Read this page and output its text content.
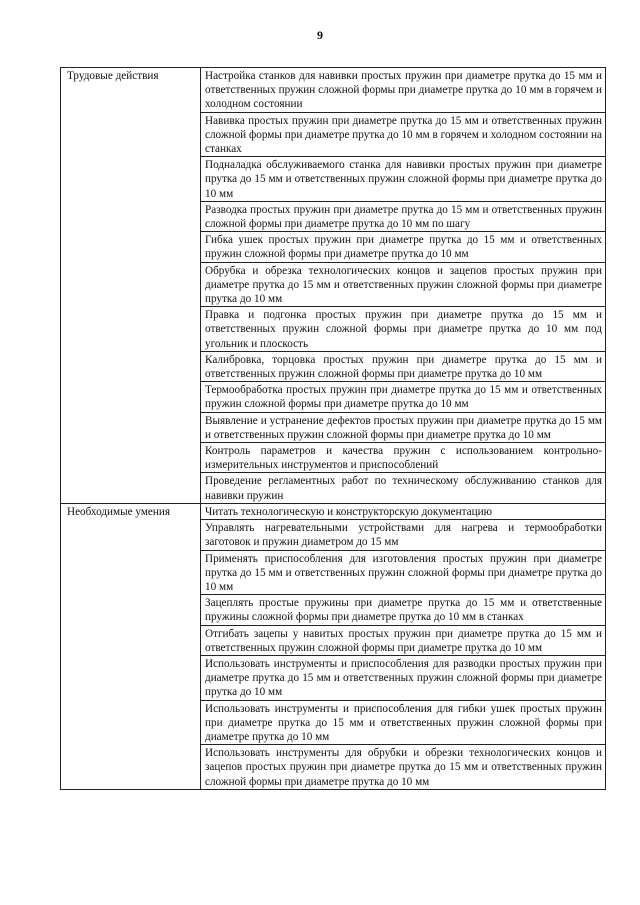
9
Трудовые действия	Настройка станков для навивки простых пружин при диаметре прутка до 15 мм и ответственных пружин сложной формы при диаметре прутка до 10 мм в горячем и холодном состоянии

	Навивка простых пружин при диаметре прутка до 15 мм и ответственных пружин сложной формы при диаметре прутка до 10 мм в горячем и холодном состоянии на станках

	Подналадка обслуживаемого станка для навивки простых пружин при диаметре прутка до 15 мм и ответственных пружин сложной формы при диаметре прутка до 10 мм

	Разводка простых пружин при диаметре прутка до 15 мм и ответственных пружин сложной формы при диаметре прутка до 10 мм по шагу

	Гибка ушек простых пружин при диаметре прутка до 15 мм и ответственных пружин сложной формы при диаметре прутка до 10 мм

	Обрубка и обрезка технологических концов и зацепов простых пружин при диаметре прутка до 15 мм и ответственных пружин сложной формы при диаметре прутка до 10 мм

	Правка и подгонка простых пружин при диаметре прутка до 15 мм и ответственных пружин сложной формы при диаметре прутка до 10 мм под угольник и плоскость

	Калибровка, торцовка простых пружин при диаметре прутка до 15 мм и ответственных пружин сложной формы при диаметре прутка до 10 мм

	Термообработка простых пружин при диаметре прутка до 15 мм и ответственных пружин сложной формы при диаметре прутка до 10 мм

	Выявление и устранение дефектов простых пружин при диаметре прутка до 15 мм и ответственных пружин сложной формы при диаметре прутка до 10 мм

	Контроль параметров и качества пружин с использованием контрольно-измерительных инструментов и приспособлений

	Проведение регламентных работ по техническому обслуживанию станков для навивки пружин

Необходимые умения	Читать технологическую и конструкторскую документацию

	Управлять нагревательными устройствами для нагрева и термообработки заготовок и пружин диаметром до 15 мм

	Применять приспособления для изготовления простых пружин при диаметре прутка до 15 мм и ответственных пружин сложной формы при диаметре прутка до 10 мм

	Зацеплять простые пружины при диаметре прутка до 15 мм и ответственные пружины сложной формы при диаметре прутка до 10 мм в станках

	Отгибать зацепы у навитых простых пружин при диаметре прутка до 15 мм и ответственных пружин сложной формы при диаметре прутка до 10 мм

	Использовать инструменты и приспособления для разводки простых пружин при диаметре прутка до 15 мм и ответственных пружин сложной формы при диаметре прутка до 10 мм

	Использовать инструменты и приспособления для гибки ушек простых пружин при диаметре прутка до 15 мм и ответственных пружин сложной формы при диаметре прутка до 10 мм

	Использовать инструменты для обрубки и обрезки технологических концов и зацепов простых пружин при диаметре прутка до 15 мм и ответственных пружин сложной формы при диаметре прутка до 10 мм
